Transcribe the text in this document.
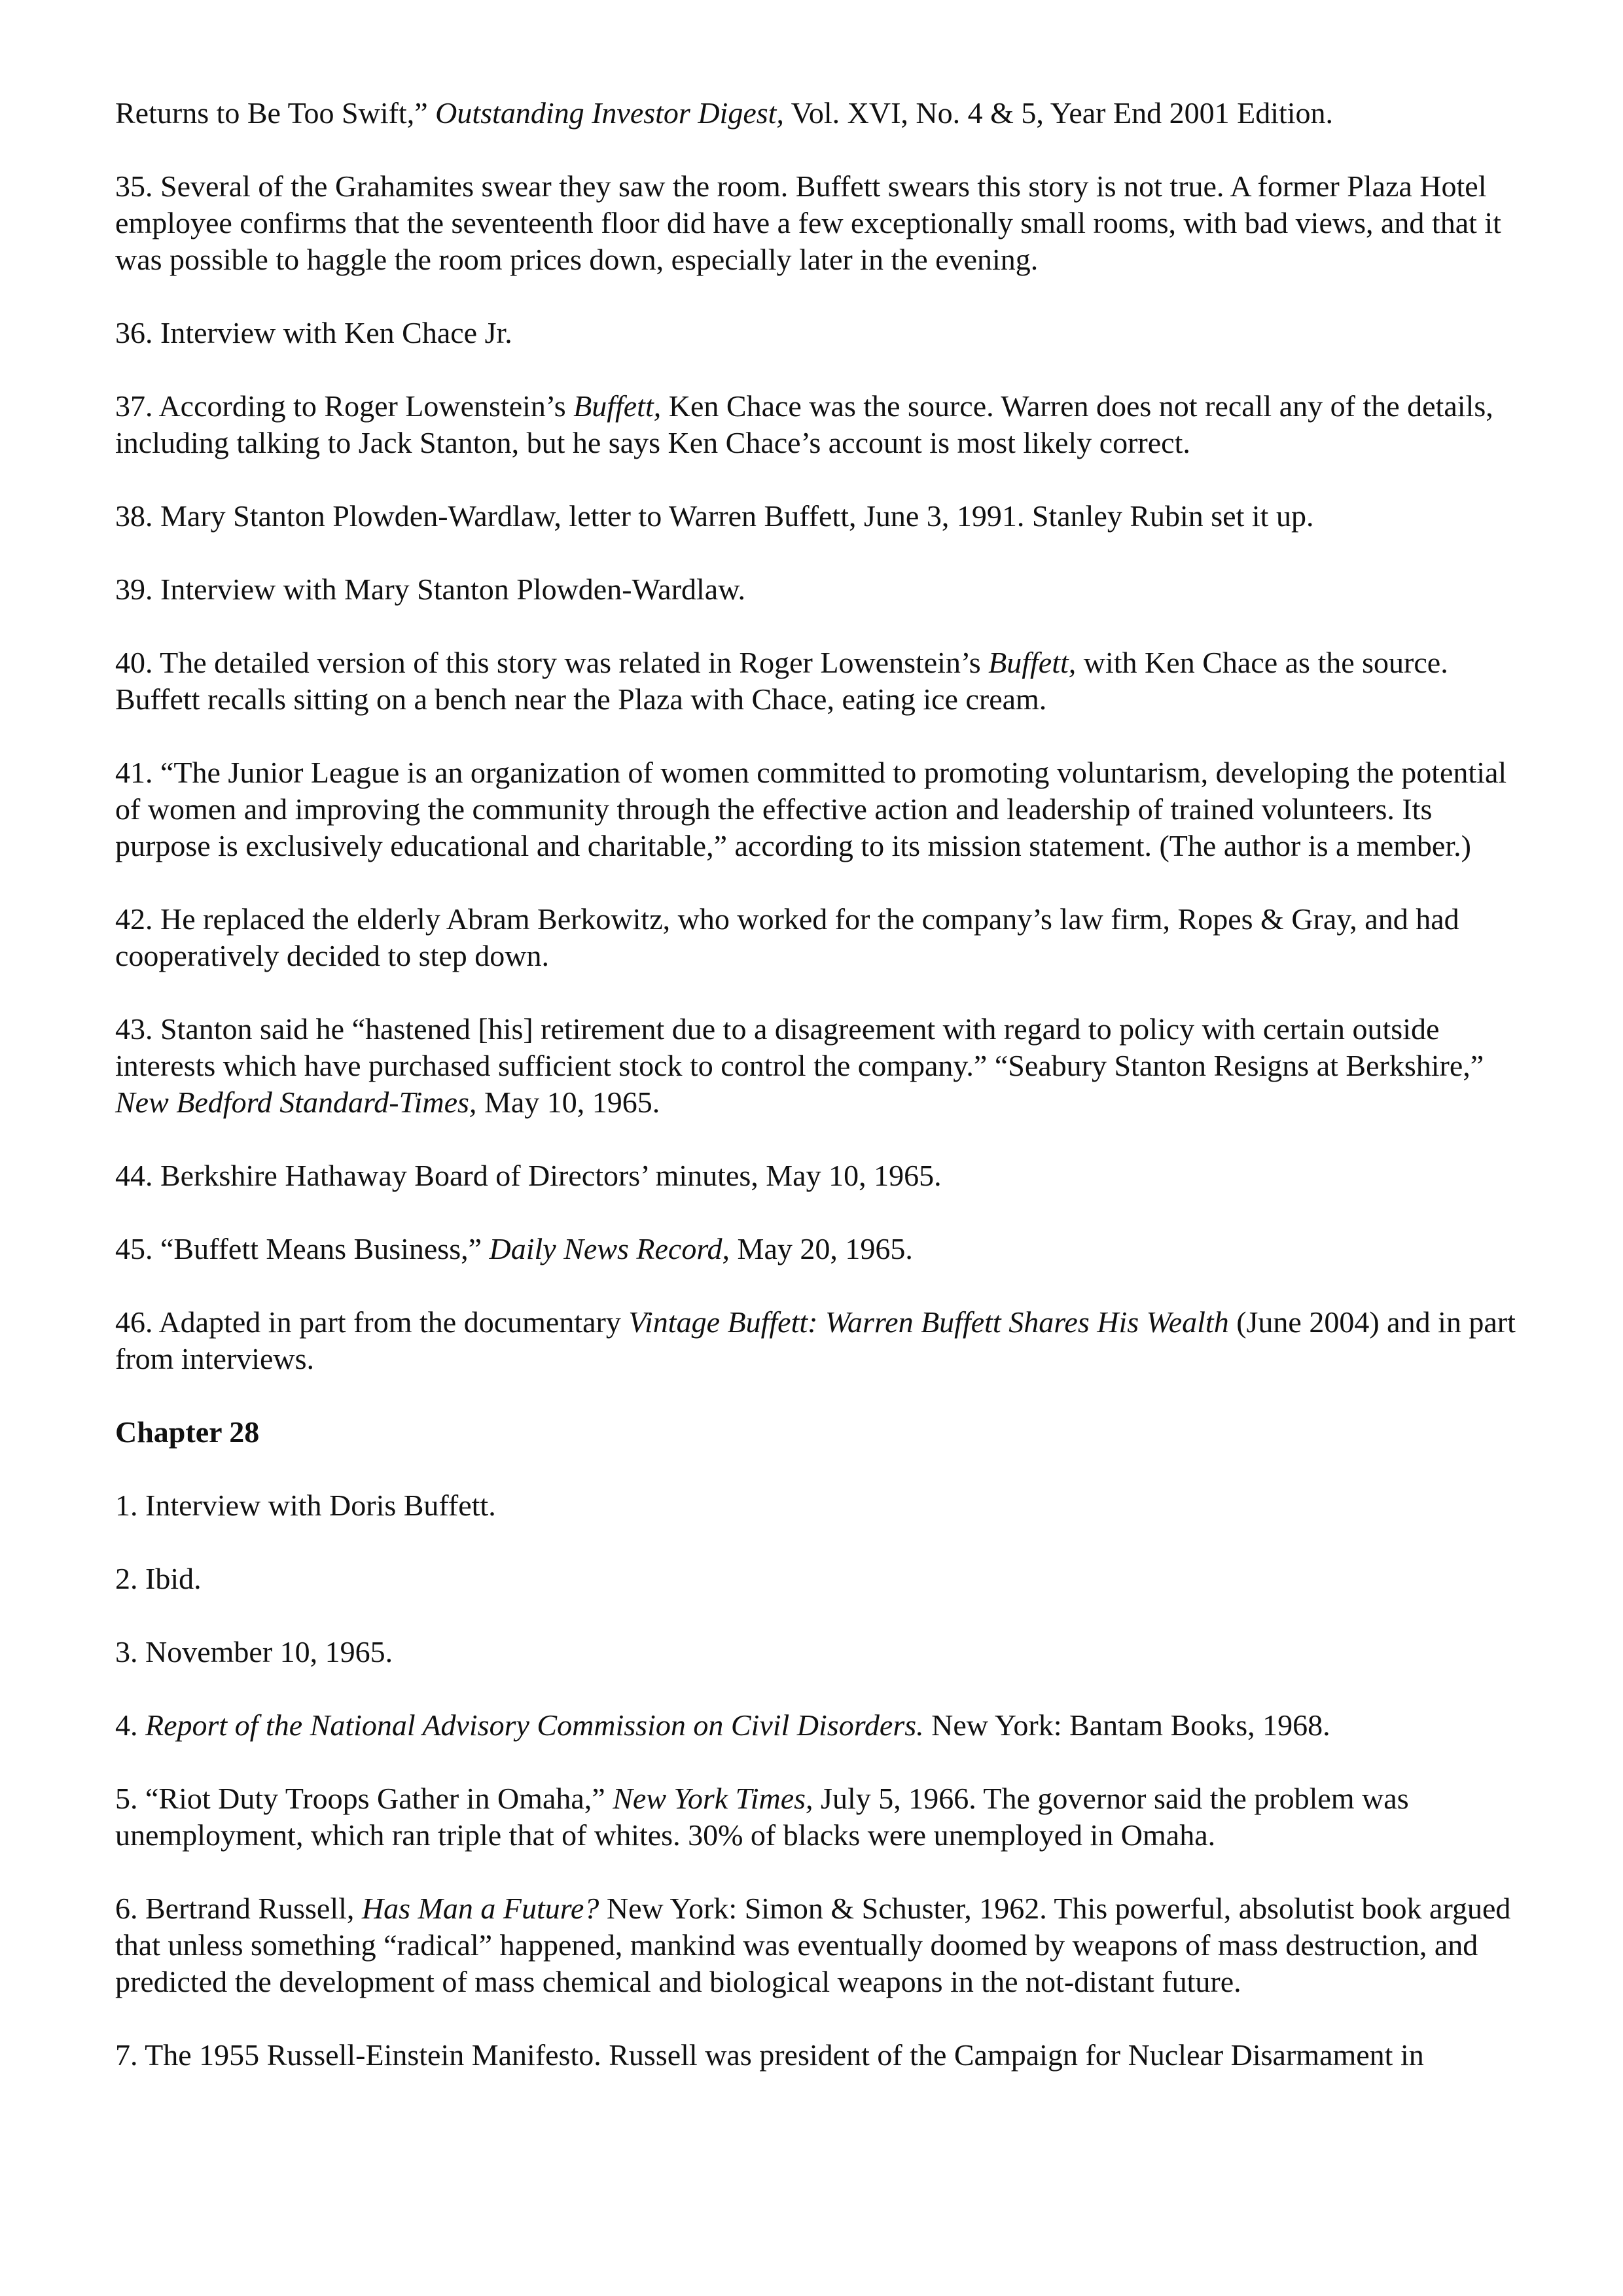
Returns to Be Too Swift,” Outstanding Investor Digest, Vol. XVI, No. 4 & 5, Year End 2001 Edition.

35. Several of the Grahamites swear they saw the room. Buffett swears this story is not true. A former Plaza Hotel employee confirms that the seventeenth floor did have a few exceptionally small rooms, with bad views, and that it was possible to haggle the room prices down, especially later in the evening.

36. Interview with Ken Chace Jr.

37. According to Roger Lowenstein’s Buffett, Ken Chace was the source. Warren does not recall any of the details, including talking to Jack Stanton, but he says Ken Chace’s account is most likely correct.

38. Mary Stanton Plowden-Wardlaw, letter to Warren Buffett, June 3, 1991. Stanley Rubin set it up.

39. Interview with Mary Stanton Plowden-Wardlaw.

40. The detailed version of this story was related in Roger Lowenstein’s Buffett, with Ken Chace as the source. Buffett recalls sitting on a bench near the Plaza with Chace, eating ice cream.

41. “The Junior League is an organization of women committed to promoting voluntarism, developing the potential of women and improving the community through the effective action and leadership of trained volunteers. Its purpose is exclusively educational and charitable,” according to its mission statement. (The author is a member.)

42. He replaced the elderly Abram Berkowitz, who worked for the company’s law firm, Ropes & Gray, and had cooperatively decided to step down.

43. Stanton said he “hastened [his] retirement due to a disagreement with regard to policy with certain outside interests which have purchased sufficient stock to control the company.” “Seabury Stanton Resigns at Berkshire,” New Bedford Standard-Times, May 10, 1965.

44. Berkshire Hathaway Board of Directors’ minutes, May 10, 1965.

45. “Buffett Means Business,” Daily News Record, May 20, 1965.

46. Adapted in part from the documentary Vintage Buffett: Warren Buffett Shares His Wealth (June 2004) and in part from interviews.

Chapter 28

1. Interview with Doris Buffett.

2. Ibid.

3. November 10, 1965.

4. Report of the National Advisory Commission on Civil Disorders. New York: Bantam Books, 1968.

5. “Riot Duty Troops Gather in Omaha,” New York Times, July 5, 1966. The governor said the problem was unemployment, which ran triple that of whites. 30% of blacks were unemployed in Omaha.

6. Bertrand Russell, Has Man a Future? New York: Simon & Schuster, 1962. This powerful, absolutist book argued that unless something “radical” happened, mankind was eventually doomed by weapons of mass destruction, and predicted the development of mass chemical and biological weapons in the not-distant future.

7. The 1955 Russell-Einstein Manifesto. Russell was president of the Campaign for Nuclear Disarmament in
